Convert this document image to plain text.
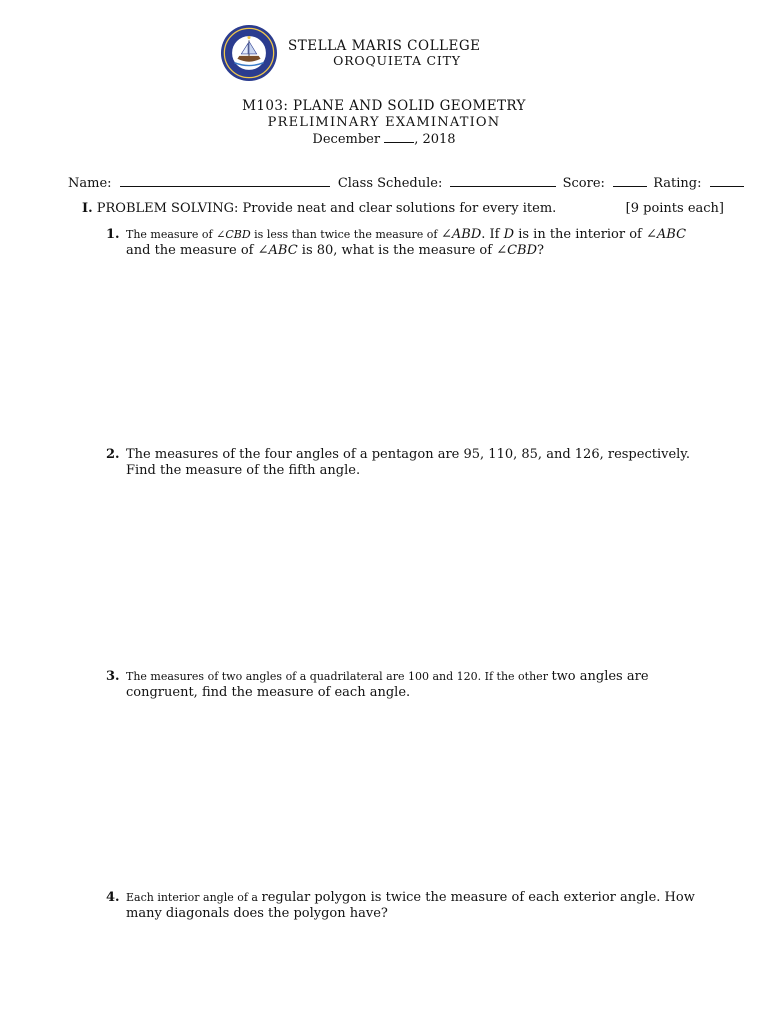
STELLA MARIS COLLEGE
OROQUIETA CITY
M103: PLANE AND SOLID GEOMETRY
PRELIMINARY EXAMINATION
December	, 2018
Name:	Class Schedule:	Score:	Rating:
I. PROBLEM SOLVING: Provide neat and clear solutions for every item.	[9 points each]
1. The measure of ∠CBD is less than twice the measure of ∠ABD. If D is in the interior of ∠ABC
and the measure of ∠ABC is 80, what is the measure of ∠CBD?
2. The measures of the four angles of a pentagon are 95, 110, 85, and 126, respectively. Find the measure of the fifth angle.
3. The measures of two angles of a quadrilateral are 100 and 120. If the other two angles are congruent, find the measure of each angle.
4. Each interior angle of a regular polygon is twice the measure of each exterior angle. How many diagonals does the polygon have?
